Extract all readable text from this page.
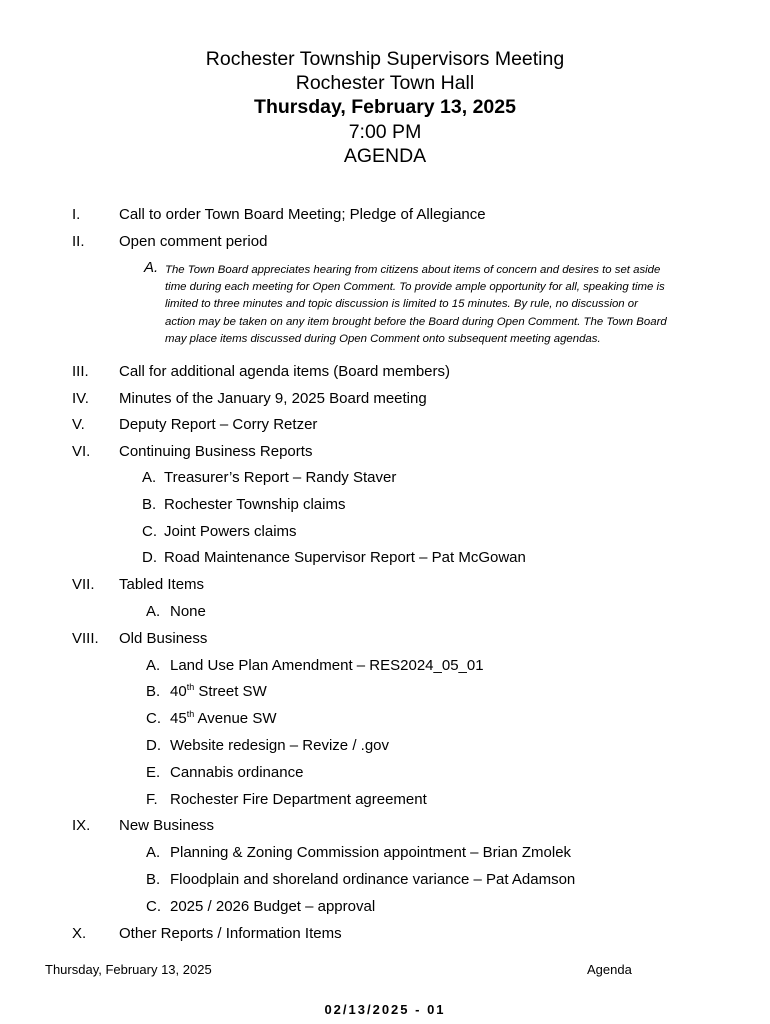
Rochester Township Supervisors Meeting
Rochester Town Hall
Thursday, February 13, 2025
7:00 PM
AGENDA
I.	Call to order Town Board Meeting; Pledge of Allegiance
II. Open comment period
A. The Town Board appreciates hearing from citizens about items of concern and desires to set aside
time during each meeting for Open Comment. To provide ample opportunity for all, speaking time is
limited to three minutes and topic discussion is limited to 15 minutes. By rule, no discussion or
action may be taken on any item brought before the Board during Open Comment. The Town Board
may place items discussed during Open Comment onto subsequent meeting agendas.
III. Call for additional agenda items (Board members)
IV. Minutes of the January 9, 2025 Board meeting
V. Deputy Report – Corry Retzer
VI. Continuing Business Reports
A. Treasurer’s Report – Randy Staver
B. Rochester Township claims
C. Joint Powers claims
D. Road Maintenance Supervisor Report – Pat McGowan
VII. Tabled Items
A. None
VIII. Old Business
A. Land Use Plan Amendment – RES2024_05_01
B. 40th Street SW
C. 45th Avenue SW
D. Website redesign – Revize / .gov
E. Cannabis ordinance
F. Rochester Fire Department agreement
IX. New Business
A. Planning & Zoning Commission appointment – Brian Zmolek
B. Floodplain and shoreland ordinance variance – Pat Adamson
C. 2025 / 2026 Budget – approval
X. Other Reports / Information Items
Thursday, February 13, 2025	Agenda
02/13/2025 - 01
